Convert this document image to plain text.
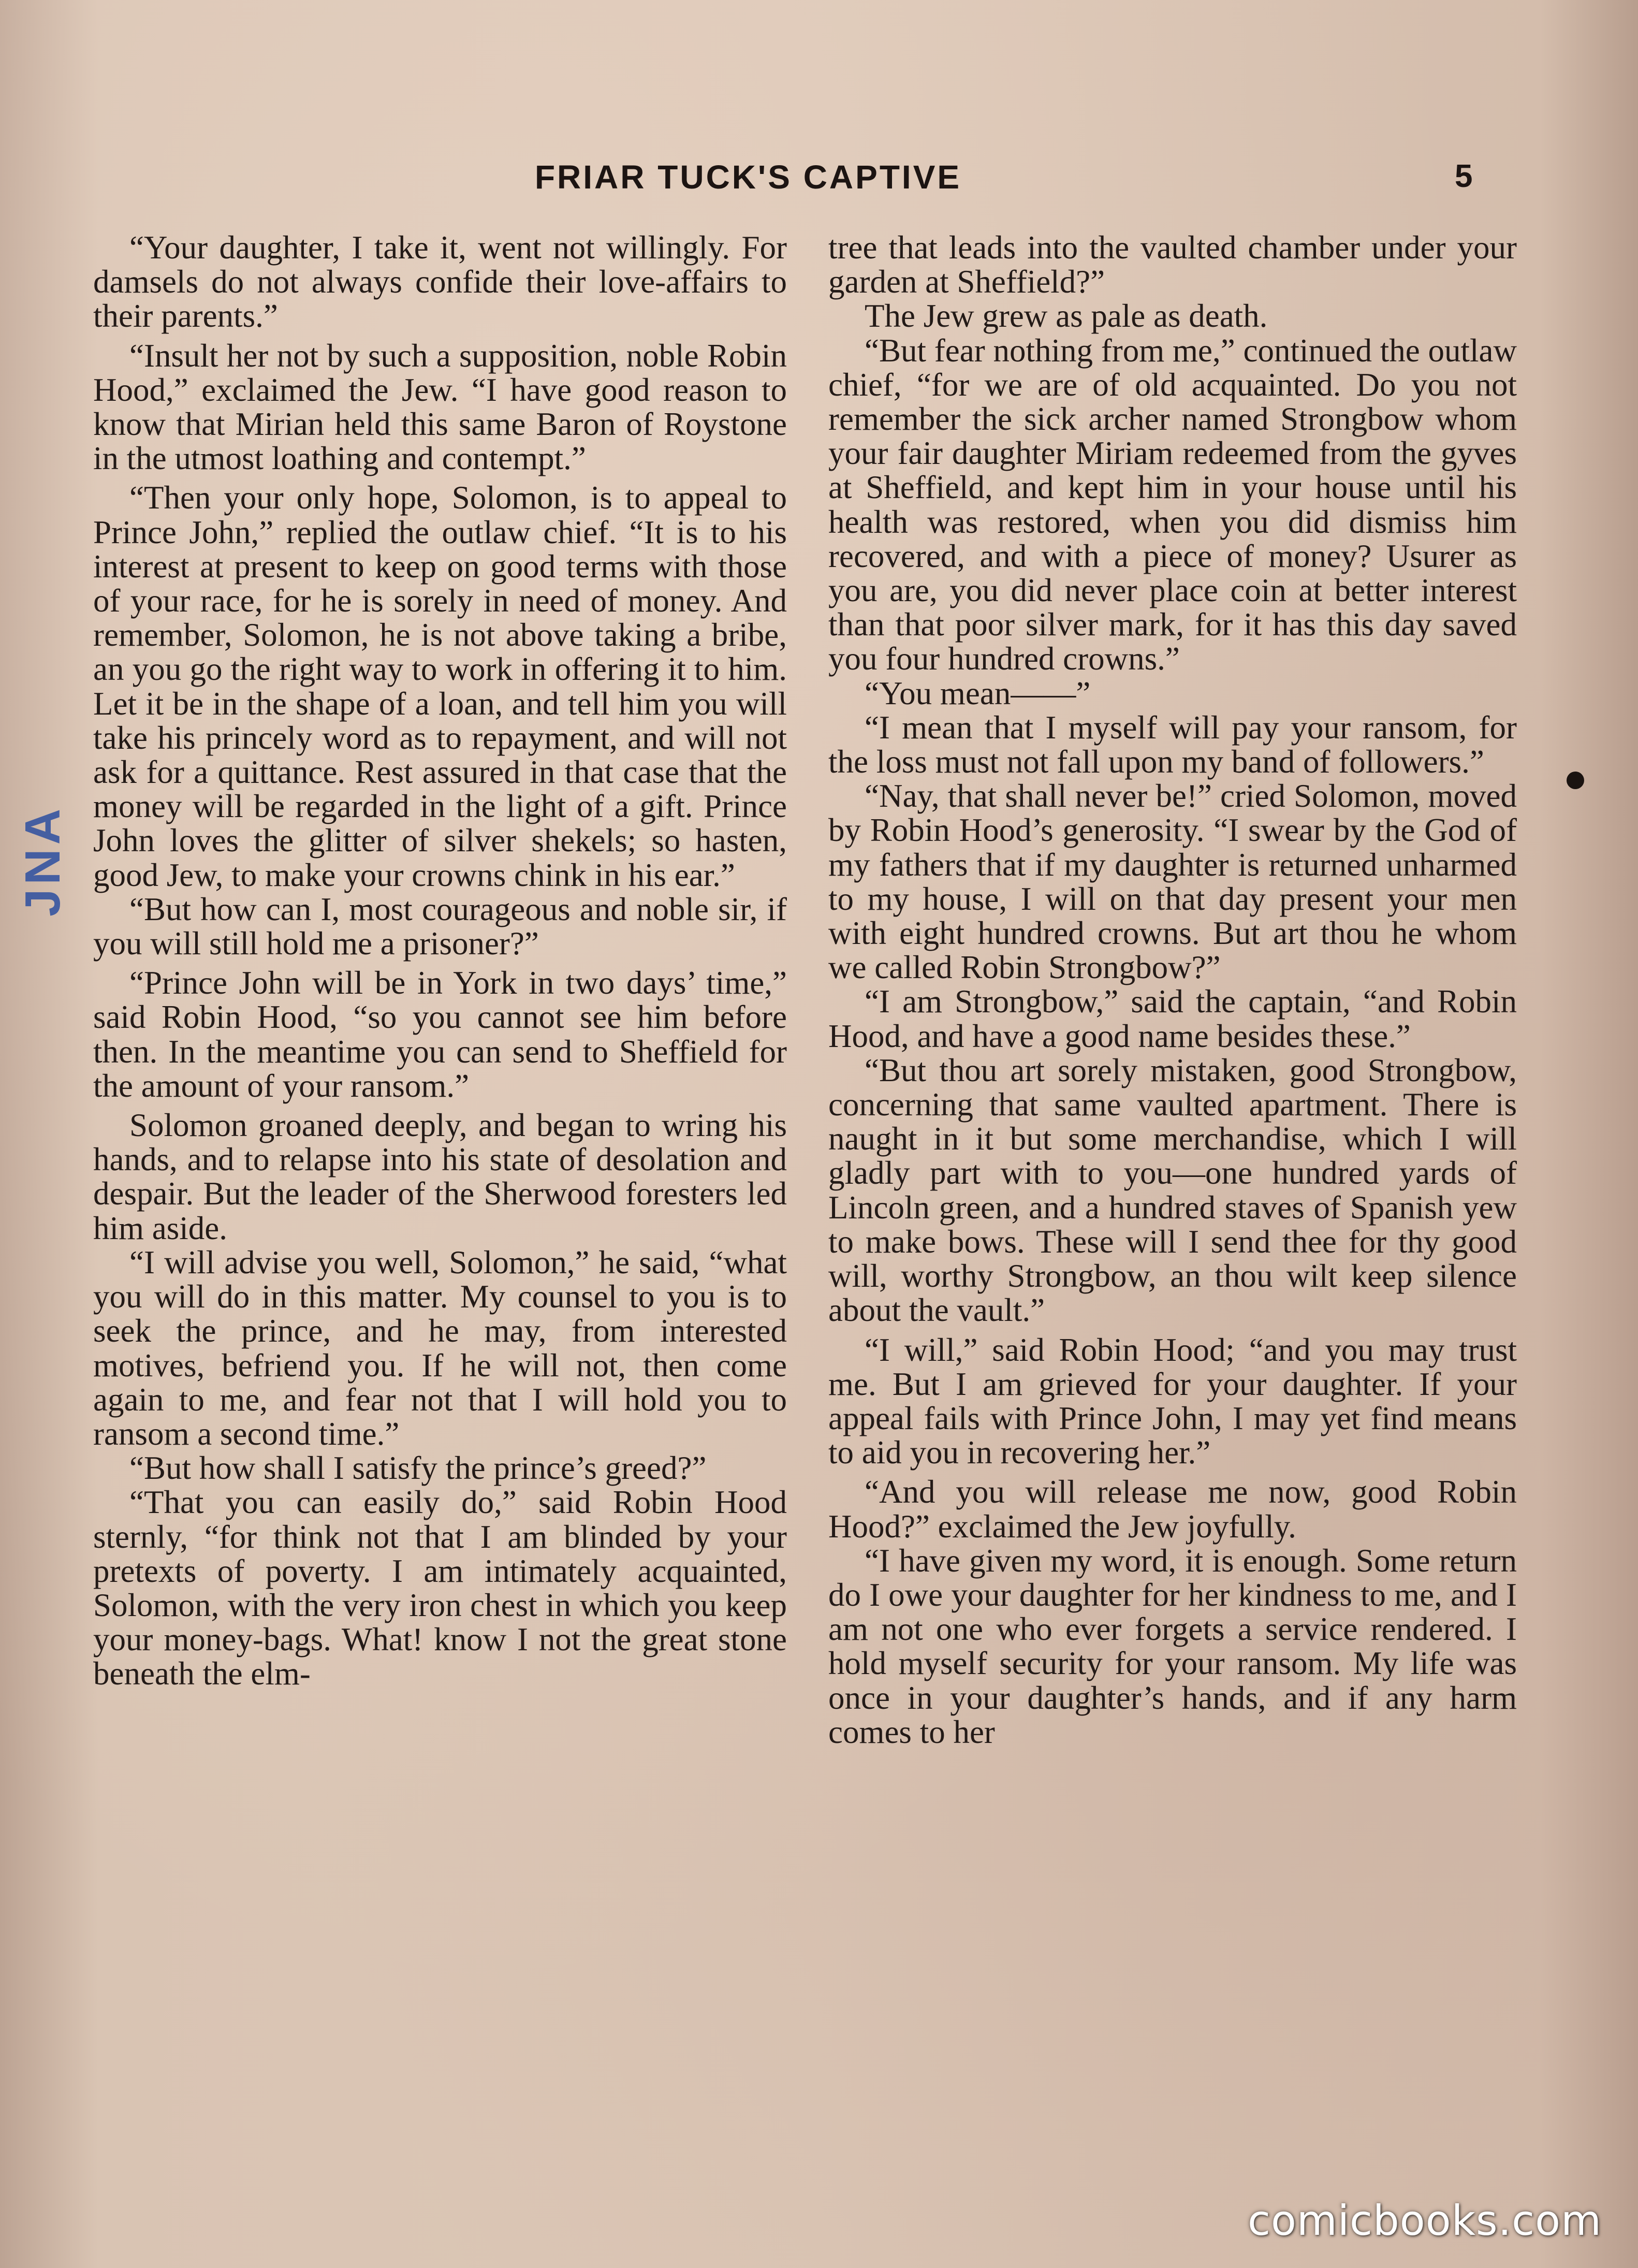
FRIAR TUCK'S CAPTIVE	5
JNA

“Your daughter, I take it, went not willingly. For damsels do not always confide their love-affairs to their parents.”

“Insult her not by such a supposition, noble Robin Hood,” exclaimed the Jew. “I have good reason to know that Mirian held this same Baron of Roystone in the utmost loathing and contempt.”

“Then your only hope, Solomon, is to appeal to Prince John,” replied the outlaw chief. “It is to his interest at present to keep on good terms with those of your race, for he is sorely in need of money. And remember, Solomon, he is not above taking a bribe, an you go the right way to work in offering it to him. Let it be in the shape of a loan, and tell him you will take his princely word as to repayment, and will not ask for a quittance. Rest assured in that case that the money will be regarded in the light of a gift. Prince John loves the glitter of silver shekels; so hasten, good Jew, to make your crowns chink in his ear.”

“But how can I, most courageous and noble sir, if you will still hold me a prisoner?”

“Prince John will be in York in two days’ time,” said Robin Hood, “so you cannot see him before then. In the meantime you can send to Sheffield for the amount of your ransom.”

Solomon groaned deeply, and began to wring his hands, and to relapse into his state of desolation and despair. But the leader of the Sherwood foresters led him aside.

“I will advise you well, Solomon,” he said, “what you will do in this matter. My counsel to you is to seek the prince, and he may, from interested motives, befriend you. If he will not, then come again to me, and fear not that I will hold you to ransom a second time.”

“But how shall I satisfy the prince’s greed?”

“That you can easily do,” said Robin Hood sternly, “for think not that I am blinded by your pretexts of poverty. I am intimately acquainted, Solomon, with the very iron chest in which you keep your money-bags. What! know I not the great stone beneath the elm-

tree that leads into the vaulted chamber under your garden at Sheffield?”

The Jew grew as pale as death.

“But fear nothing from me,” continued the outlaw chief, “for we are of old acquainted. Do you not remember the sick archer named Strongbow whom your fair daughter Miriam redeemed from the gyves at Sheffield, and kept him in your house until his health was restored, when you did dismiss him recovered, and with a piece of money? Usurer as you are, you did never place coin at better interest than that poor silver mark, for it has this day saved you four hundred crowns.”

“You mean——”

“I mean that I myself will pay your ransom, for the loss must not fall upon my band of followers.”

“Nay, that shall never be!” cried Solomon, moved by Robin Hood’s generosity. “I swear by the God of my fathers that if my daughter is returned unharmed to my house, I will on that day present your men with eight hundred crowns. But art thou he whom we called Robin Strongbow?”

“I am Strongbow,” said the captain, “and Robin Hood, and have a good name besides these.”

“But thou art sorely mistaken, good Strongbow, concerning that same vaulted apartment. There is naught in it but some merchandise, which I will gladly part with to you—one hundred yards of Lincoln green, and a hundred staves of Spanish yew to make bows. These will I send thee for thy good will, worthy Strongbow, an thou wilt keep silence about the vault.”

“I will,” said Robin Hood; “and you may trust me. But I am grieved for your daughter. If your appeal fails with Prince John, I may yet find means to aid you in recovering her.”

“And you will release me now, good Robin Hood?” exclaimed the Jew joyfully.

“I have given my word, it is enough. Some return do I owe your daughter for her kindness to me, and I am not one who ever forgets a service rendered. I hold myself security for your ransom. My life was once in your daughter’s hands, and if any harm comes to her

comicbooks.com
